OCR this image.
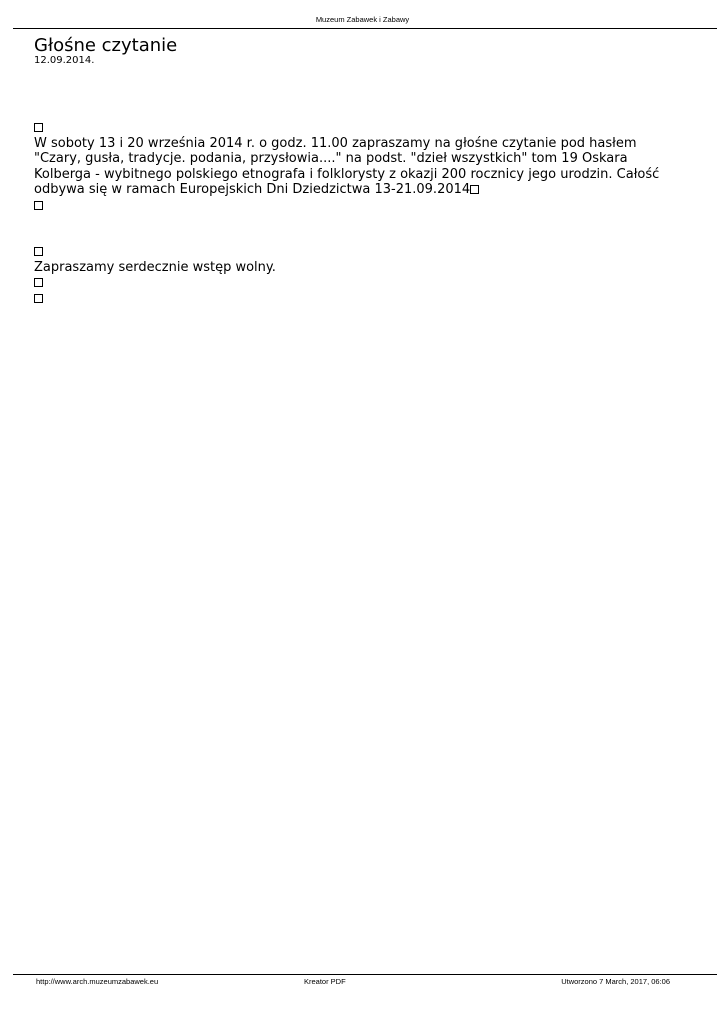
Muzeum Zabawek i Zabawy
Głośne czytanie
12.09.2014.

W soboty 13 i 20 września 2014 r. o godz. 11.00 zapraszamy na głośne czytanie pod hasłem "Czary, gusła, tradycje. podania, przysłowia...." na podst. "dzieł wszystkich" tom 19 Oskara Kolberga - wybitnego polskiego etnografa i folklorysty z okazji 200 rocznicy jego urodzin. Całość odbywa się w ramach Europejskich Dni Dziedzictwa 13-21.09.2014

Zapraszamy serdecznie wstęp wolny.

http://www.arch.muzeumzabawek.eu	Kreator PDF	Utworzono 7 March, 2017, 06:06
